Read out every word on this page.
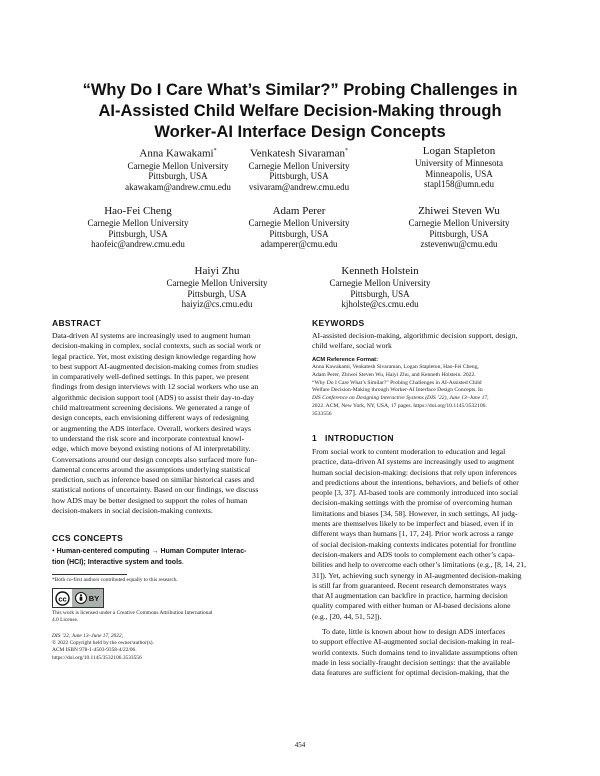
“Why Do I Care What’s Similar?” Probing Challenges in
AI-Assisted Child Welfare Decision-Making through
Worker-AI Interface Design Concepts
Anna Kawakami*
Carnegie Mellon University
Pittsburgh, USA
akawakam@andrew.cmu.edu
Venkatesh Sivaraman*
Carnegie Mellon University
Pittsburgh, USA
vsivaram@andrew.cmu.edu
Logan Stapleton
University of Minnesota
Minneapolis, USA
stapl158@umn.edu
Hao-Fei Cheng
Carnegie Mellon University
Pittsburgh, USA
haofeic@andrew.cmu.edu
Adam Perer
Carnegie Mellon University
Pittsburgh, USA
adamperer@cmu.edu
Zhiwei Steven Wu
Carnegie Mellon University
Pittsburgh, USA
zstevenwu@cmu.edu
Haiyi Zhu
Carnegie Mellon University
Pittsburgh, USA
haiyiz@cs.cmu.edu
Kenneth Holstein
Carnegie Mellon University
Pittsburgh, USA
kjholste@cs.cmu.edu
ABSTRACT
Data-driven AI systems are increasingly used to augment human
decision-making in complex, social contexts, such as social work or
legal practice. Yet, most existing design knowledge regarding how
to best support AI-augmented decision-making comes from studies
in comparatively well-defined settings. In this paper, we present
findings from design interviews with 12 social workers who use an
algorithmic decision support tool (ADS) to assist their day-to-day
child maltreatment screening decisions. We generated a range of
design concepts, each envisioning different ways of redesigning
or augmenting the ADS interface. Overall, workers desired ways
to understand the risk score and incorporate contextual knowl-
edge, which move beyond existing notions of AI interpretability.
Conversations around our design concepts also surfaced more fun-
damental concerns around the assumptions underlying statistical
prediction, such as inference based on similar historical cases and
statistical notions of uncertainty. Based on our findings, we discuss
how ADS may be better designed to support the roles of human
decision-makers in social decision-making contexts.
CCS CONCEPTS
• Human-centered computing → Human Computer Interac-
tion (HCI); Interactive system and tools.
*Both co-first authors contributed equally to this research.
cc	BY
This work is licensed under a Creative Commons Attribution International
4.0 License.
DIS ’22, June 13–June 17, 2022,
© 2022 Copyright held by the owner/author(s).
ACM ISBN 978-1-4503-9358-4/22/06.
https://doi.org/10.1145/3532106.3533556
KEYWORDS
AI-assisted decision-making, algorithmic decision support, design,
child welfare, social work
ACM Reference Format:
Anna Kawakami, Venkatesh Sivaraman, Logan Stapleton, Hao-Fei Cheng,
Adam Perer, Zhiwei Steven Wu, Haiyi Zhu, and Kenneth Holstein. 2022.
“Why Do I Care What’s Similar?” Probing Challenges in AI-Assisted Child
Welfare Decision-Making through Worker-AI Interface Design Concepts. In
DIS Conference on Designing Interactive Systems (DIS ’22), June 13–June 17,
2022. ACM, New York, NY, USA, 17 pages. https://doi.org/10.1145/3532106.
3533556
1 INTRODUCTION
From social work to content moderation to education and legal
practice, data-driven AI systems are increasingly used to augment
human social decision-making: decisions that rely upon inferences
and predictions about the intentions, behaviors, and beliefs of other
people [3, 37]. AI-based tools are commonly introduced into social
decision-making settings with the promise of overcoming human
limitations and biases [34, 58]. However, in such settings, AI judg-
ments are themselves likely to be imperfect and biased, even if in
different ways than humans [1, 17, 24]. Prior work across a range
of social decision-making contexts indicates potential for frontline
decision-makers and ADS tools to complement each other’s capa-
bilities and help to overcome each other’s limitations (e.g., [8, 14, 21,
31]). Yet, achieving such synergy in AI-augmented decision-making
is still far from guaranteed. Recent research demonstrates ways
that AI augmentation can backfire in practice, harming decision
quality compared with either human or AI-based decisions alone
(e.g., [20, 44, 51, 52]).
To date, little is known about how to design ADS interfaces
to support effective AI-augmented social decision-making in real-
world contexts. Such domains tend to invalidate assumptions often
made in less socially-fraught decision settings: that the available
data features are sufficient for optimal decision-making, that the
454
